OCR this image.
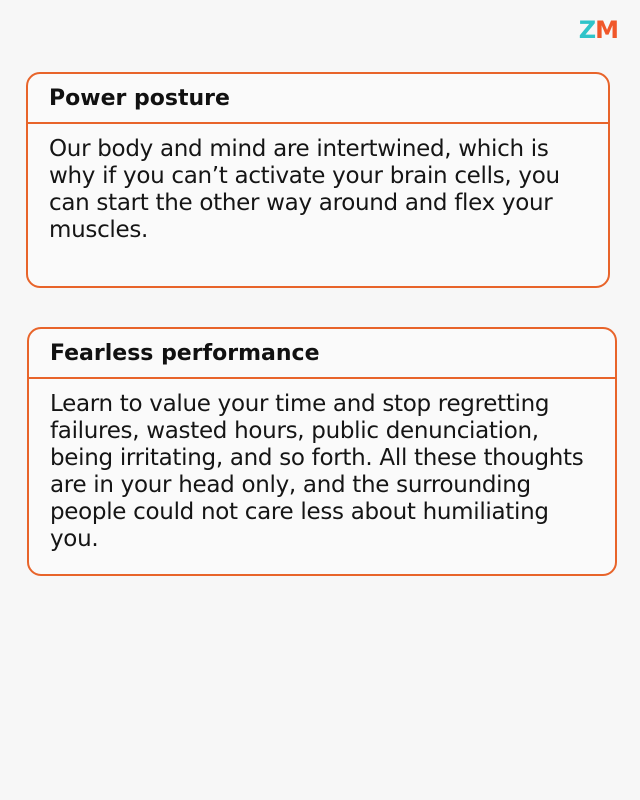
ZM
Power posture
Our body and mind are intertwined, which is why if you can’t activate your brain cells, you can start the other way around and flex your muscles.
Fearless performance
Learn to value your time and stop regretting failures, wasted hours, public denunciation, being irritating, and so forth. All these thoughts are in your head only, and the surrounding people could not care less about humiliating you.
